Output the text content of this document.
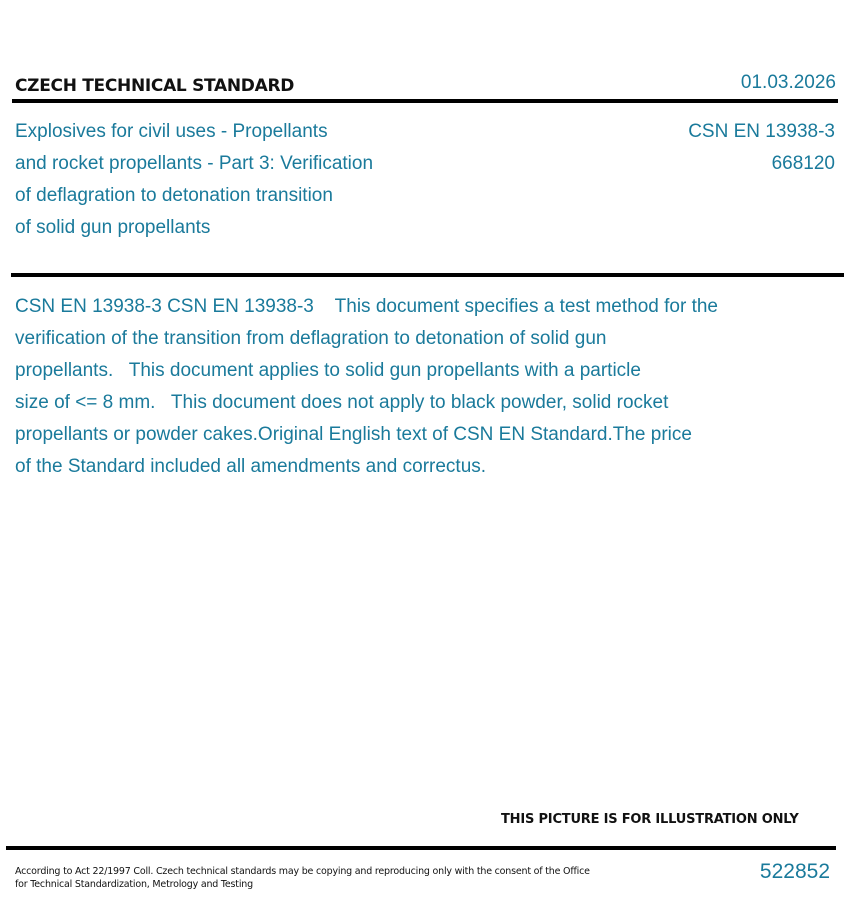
CZECH TECHNICAL STANDARD	01.03.2026
Explosives for civil uses - Propellants
and rocket propellants - Part 3: Verification
of deflagration to detonation transition
of solid gun propellants
CSN EN 13938-3
668120
CSN EN 13938-3 CSN EN 13938-3    This document specifies a test method for the
verification of the transition from deflagration to detonation of solid gun
propellants.   This document applies to solid gun propellants with a particle
size of <= 8 mm.   This document does not apply to black powder, solid rocket
propellants or powder cakes.Original English text of CSN EN Standard.The price
of the Standard included all amendments and correctus.
THIS PICTURE IS FOR ILLUSTRATION ONLY
According to Act 22/1997 Coll. Czech technical standards may be copying and reproducing only with the consent of the Office
for Technical Standardization, Metrology and Testing
522852
